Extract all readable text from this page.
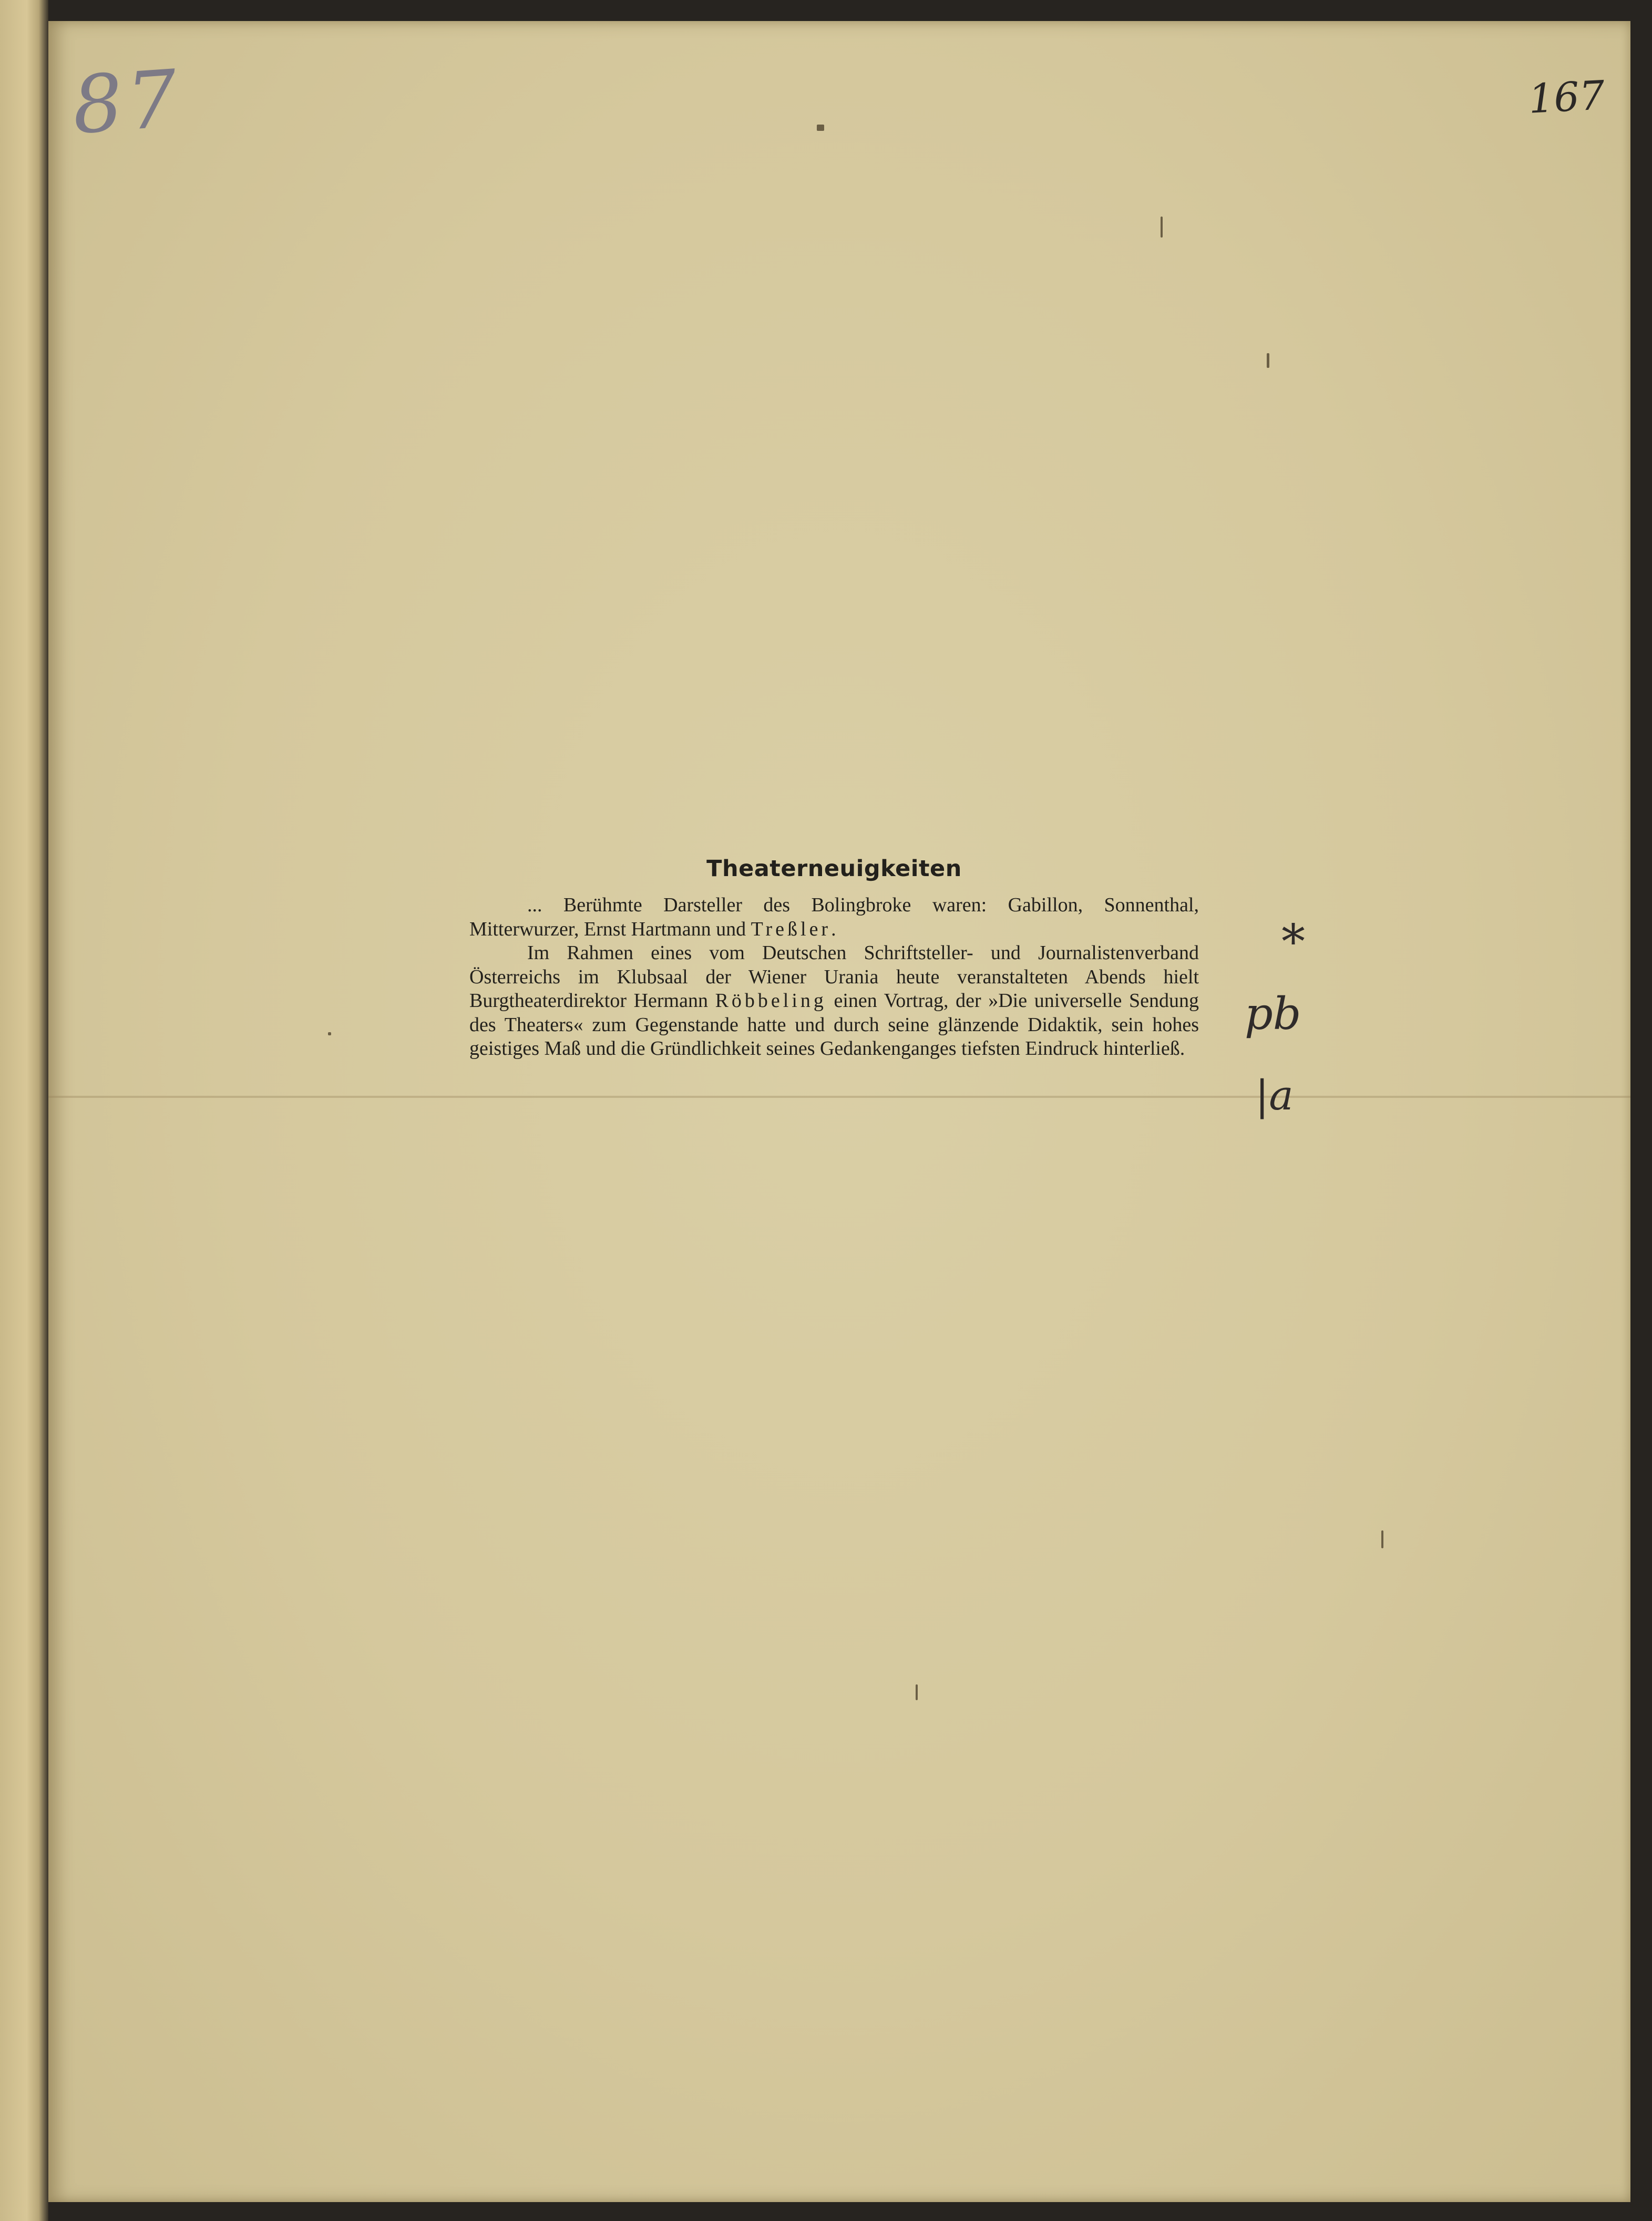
87	167
*
pb
|a
Theaterneuigkeiten

... Berühmte Darsteller des Bolingbroke waren: Gabillon, Sonnenthal, Mitterwurzer, Ernst Hartmann und Treßler.

Im Rahmen eines vom Deutschen Schriftsteller- und Journalistenverband Österreichs im Klubsaal der Wiener Urania heute veranstalteten Abends hielt Burgtheaterdirektor Hermann Röbbeling einen Vortrag, der »Die universelle Sendung des Theaters« zum Gegenstande hatte und durch seine glänzende Didaktik, sein hohes geistiges Maß und die Gründlichkeit seines Gedankenganges tiefsten Eindruck hinterließ.
